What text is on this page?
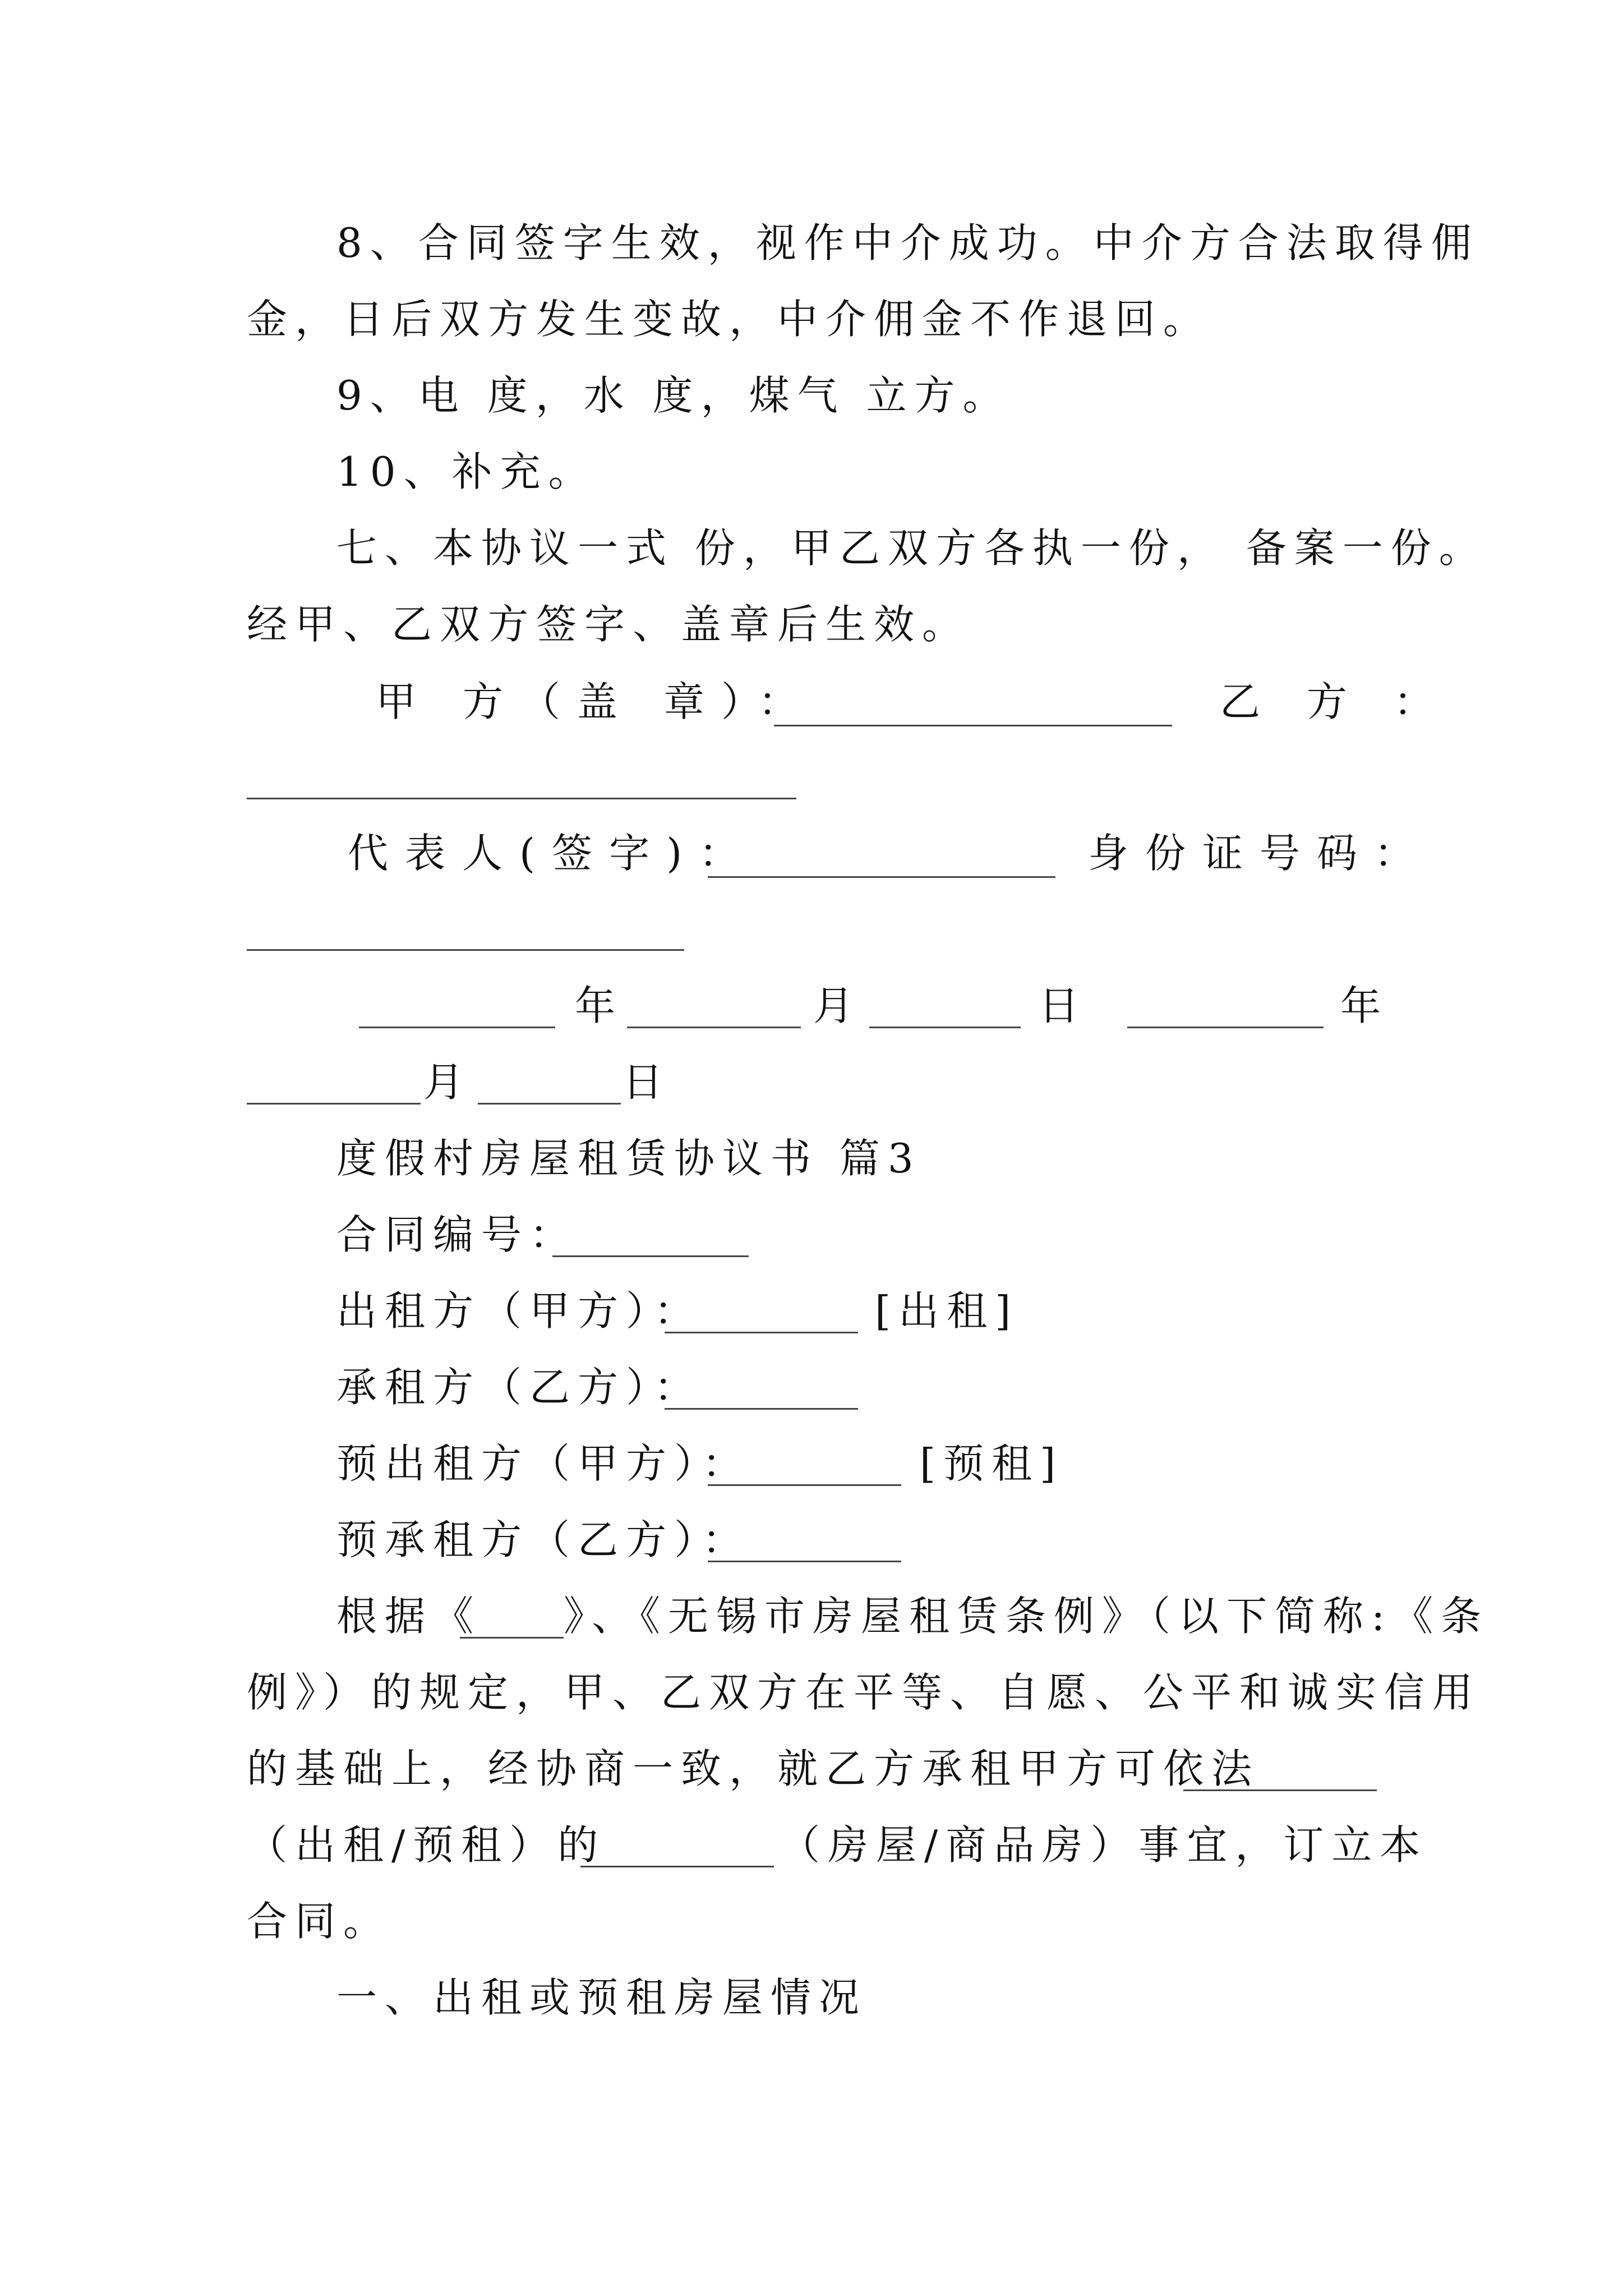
8、合同签字生效，视作中介成功。中介方合法取得佣
金，日后双方发生变故，中介佣金不作退回。
9、电 度，水 度，煤气 立方。
10、补充。
七、本协议一式 份，甲乙双方各执一份， 备案一份。
经甲、乙双方签字、盖章后生效。
甲 方（盖 章）：	乙 方 ：
代表人(签字)：	身份证号码：
年	月	日	年
月	日
度假村房屋租赁协议书 篇3
合同编号：
出租方（甲方）：	[出租]
承租方（乙方）：
预出租方（甲方）：	[预租]
预承租方（乙方）：
根据《 》、《无锡市房屋租赁条例》（以下简称:《条
例》）的规定，甲、乙双方在平等、自愿、公平和诚实信用
的基础上，经协商一致，就乙方承租甲方可依法
（出租/预租）的	（房屋/商品房）事宜，订立本
合同。
一、出租或预租房屋情况
